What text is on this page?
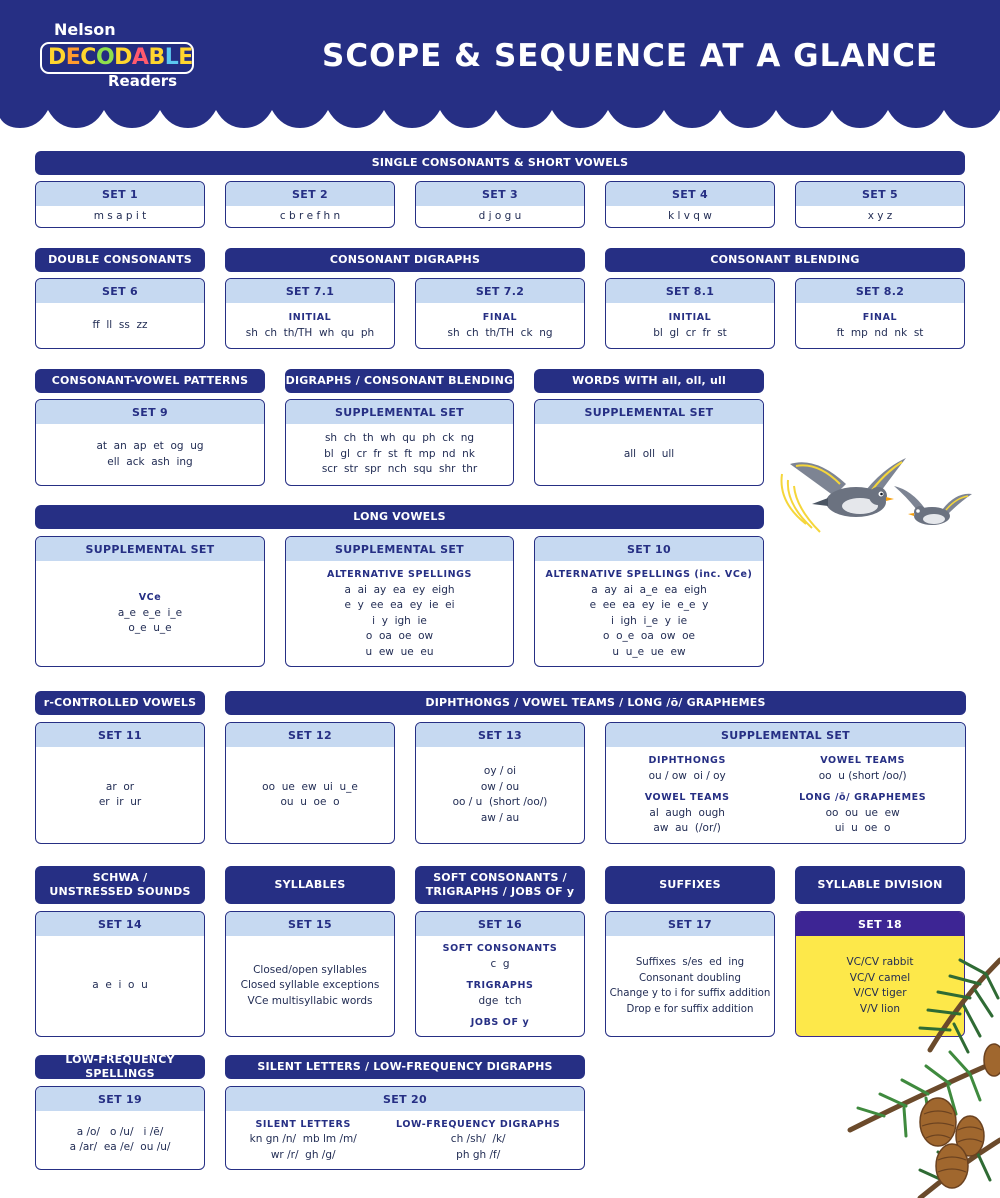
Nelson
DECODABLE
Readers
SCOPE & SEQUENCE AT A GLANCE
SINGLE CONSONANTS & SHORT VOWELS
SET 1
m s a p i t
SET 2
c b r e f h n
SET 3
d j o g u
SET 4
k l v q w
SET 5
x y z
DOUBLE CONSONANTS	CONSONANT DIGRAPHS	CONSONANT BLENDING
SET 6
ff  ll  ss  zz
SET 7.1
INITIAL
sh  ch  th/TH  wh  qu  ph
SET 7.2
FINAL
sh  ch  th/TH  ck  ng
SET 8.1
INITIAL
bl  gl  cr  fr  st
SET 8.2
FINAL
ft  mp  nd  nk  st
CONSONANT-VOWEL PATTERNS	DIGRAPHS / CONSONANT BLENDING	WORDS WITH all, oll, ull
SET 9
at  an  ap  et  og  ug
ell  ack  ash  ing
SUPPLEMENTAL SET
sh  ch  th  wh  qu  ph  ck  ng
bl  gl  cr  fr  st  ft  mp  nd  nk
scr  str  spr  nch  squ  shr  thr
SUPPLEMENTAL SET
all  oll  ull
LONG VOWELS
SUPPLEMENTAL SET
VCe
a_e  e_e  i_e
o_e  u_e
SUPPLEMENTAL SET
ALTERNATIVE SPELLINGS
a  ai  ay  ea  ey  eigh
e  y  ee  ea  ey  ie  ei
i  y  igh  ie
o  oa  oe  ow
u  ew  ue  eu
SET 10
ALTERNATIVE SPELLINGS (inc. VCe)
a  ay  ai  a_e  ea  eigh
e  ee  ea  ey  ie  e_e  y
i  igh  i_e  y  ie
o  o_e  oa  ow  oe
u  u_e  ue  ew
r-CONTROLLED VOWELS	DIPHTHONGS / VOWEL TEAMS / LONG /ō/ GRAPHEMES
SET 11
ar  or
er  ir  ur
SET 12
oo  ue  ew  ui  u_e
ou  u  oe  o
SET 13
oy / oi
ow / ou
oo / u  (short /oo/)
aw / au
SUPPLEMENTAL SET
DIPHTHONGS
ou / ow  oi / oy
VOWEL TEAMS
al  augh  ough
aw  au  (/or/)
VOWEL TEAMS
oo  u (short /oo/)
LONG /ō/ GRAPHEMES
oo  ou  ue  ew
ui  u  oe  o
SCHWA /
UNSTRESSED SOUNDS
SYLLABLES
SOFT CONSONANTS /
TRIGRAPHS / JOBS OF y
SUFFIXES	SYLLABLE DIVISION
SET 14
a  e  i  o  u
SET 15
Closed/open syllables
Closed syllable exceptions
VCe multisyllabic words
SET 16
SOFT CONSONANTS
c  g
TRIGRAPHS
dge  tch
JOBS OF y
SET 17
Suffixes  s/es  ed  ing
Consonant doubling
Change y to i for suffix addition
Drop e for suffix addition
SET 18
VC/CV rabbit
VC/V camel
V/CV tiger
V/V lion
LOW-FREQUENCY SPELLINGS
SILENT LETTERS / LOW-FREQUENCY DIGRAPHS
SET 19
a /o/   o /u/   i /ē/
a /ar/  ea /e/  ou /u/
SET 20
SILENT LETTERS
kn gn /n/  mb lm /m/
wr /r/  gh /g/
LOW-FREQUENCY DIGRAPHS
ch /sh/  /k/
ph gh /f/
